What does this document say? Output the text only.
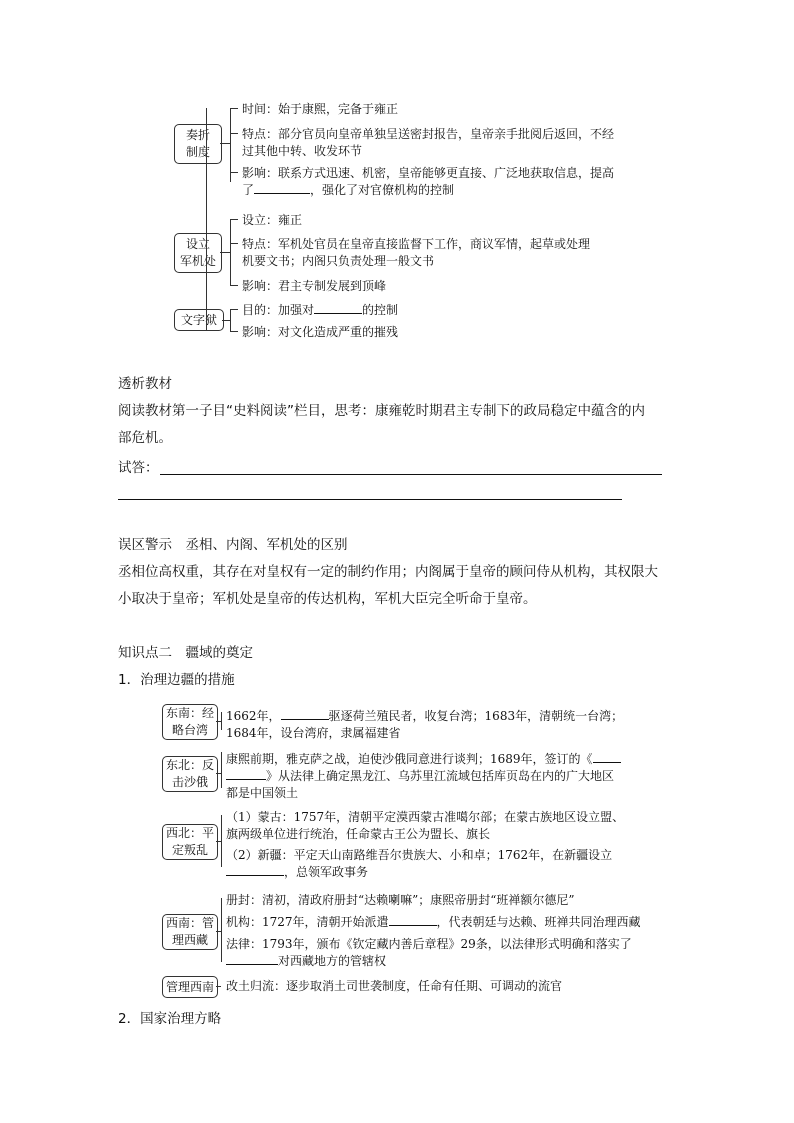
奏折
制度
设立
军机处
文字狱
时间：始于康熙，完备于雍正
特点：部分官员向皇帝单独呈送密封报告，皇帝亲手批阅后返回，不经
过其他中转、收发环节
影响：联系方式迅速、机密，皇帝能够更直接、广泛地获取信息，提高
了	，强化了对官僚机构的控制
设立：雍正
特点：军机处官员在皇帝直接监督下工作，商议军情，起草或处理
机要文书；内阁只负责处理一般文书
影响：君主专制发展到顶峰
目的：加强对	的控制
影响：对文化造成严重的摧残
透析教材
阅读教材第一子目“史料阅读”栏目，思考：康雍乾时期君主专制下的政局稳定中蕴含的内
部危机。
试答：
误区警示　丞相、内阁、军机处的区别
丞相位高权重，其存在对皇权有一定的制约作用；内阁属于皇帝的顾问侍从机构，其权限大
小取决于皇帝；军机处是皇帝的传达机构，军机大臣完全听命于皇帝。
知识点二　疆域的奠定
1．治理边疆的措施
东南：经
略台湾
东北：反
击沙俄
西北：平
定叛乱
西南：管
理西藏
管理西南
1662年，	驱逐荷兰殖民者，收复台湾；1683年，清朝统一台湾；
1684年，设台湾府，隶属福建省
康熙前期，雅克萨之战，迫使沙俄同意进行谈判；1689年，签订的《
》从法律上确定黑龙江、乌苏里江流域包括库页岛在内的广大地区
都是中国领土
（1）蒙古：1757年，清朝平定漠西蒙古准噶尔部；在蒙古族地区设立盟、
旗两级单位进行统治，任命蒙古王公为盟长、旗长
（2）新疆：平定天山南路维吾尔贵族大、小和卓；1762年，在新疆设立
，总领军政事务
册封：清初，清政府册封“达赖喇嘛”；康熙帝册封“班禅额尔德尼”
机构：1727年，清朝开始派遣	，代表朝廷与达赖、班禅共同治理西藏
法律：1793年，颁布《钦定藏内善后章程》29条，以法律形式明确和落实了
对西藏地方的管辖权
改土归流：逐步取消土司世袭制度，任命有任期、可调动的流官
2．国家治理方略
